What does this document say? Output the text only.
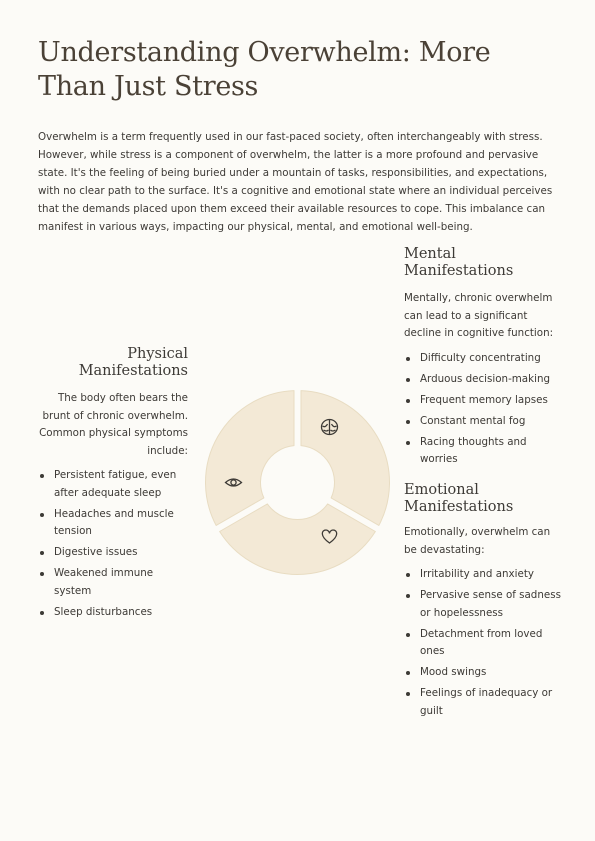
Understanding Overwhelm: More Than Just Stress

Overwhelm is a term frequently used in our fast-paced society, often interchangeably with stress. However, while stress is a component of overwhelm, the latter is a more profound and pervasive state. It's the feeling of being buried under a mountain of tasks, responsibilities, and expectations, with no clear path to the surface. It's a cognitive and emotional state where an individual perceives that the demands placed upon them exceed their available resources to cope. This imbalance can manifest in various ways, impacting our physical, mental, and emotional well-being.

Physical Manifestations

The body often bears the brunt of chronic overwhelm. Common physical symptoms include:

Persistent fatigue, even after adequate sleep
Headaches and muscle tension
Digestive issues
Weakened immune system
Sleep disturbances
Mental Manifestations

Mentally, chronic overwhelm can lead to a significant decline in cognitive function:

Difficulty concentrating
Arduous decision-making
Frequent memory lapses
Constant mental fog
Racing thoughts and worries
Emotional Manifestations

Emotionally, overwhelm can be devastating:

Irritability and anxiety
Pervasive sense of sadness or hopelessness
Detachment from loved ones
Mood swings
Feelings of inadequacy or guilt
